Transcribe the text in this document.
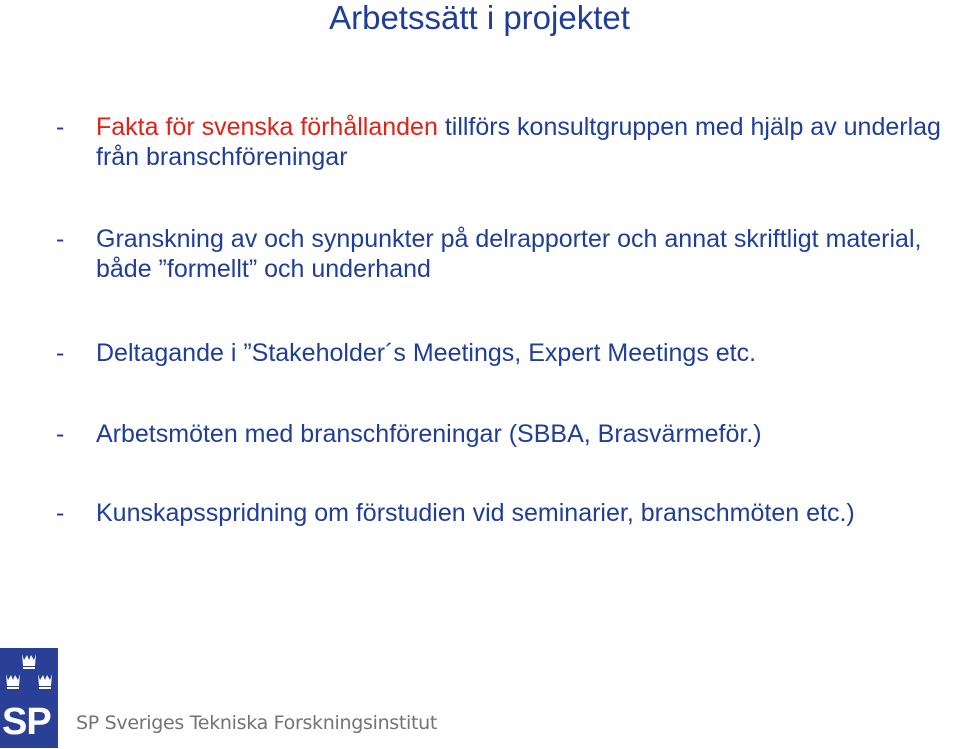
Arbetssätt i projektet
- Fakta för svenska förhållanden tillförs konsultgruppen med hjälp av underlag från branschföreningar
- Granskning av och synpunkter på delrapporter och annat skriftligt material, både ”formellt” och underhand
- Deltagande i ”Stakeholder´s Meetings, Expert Meetings etc.
- Arbetsmöten med branschföreningar (SBBA, Brasvärmeför.)
- Kunskapsspridning om förstudien vid seminarier, branschmöten etc.)
SP SP Sveriges Tekniska Forskningsinstitut
